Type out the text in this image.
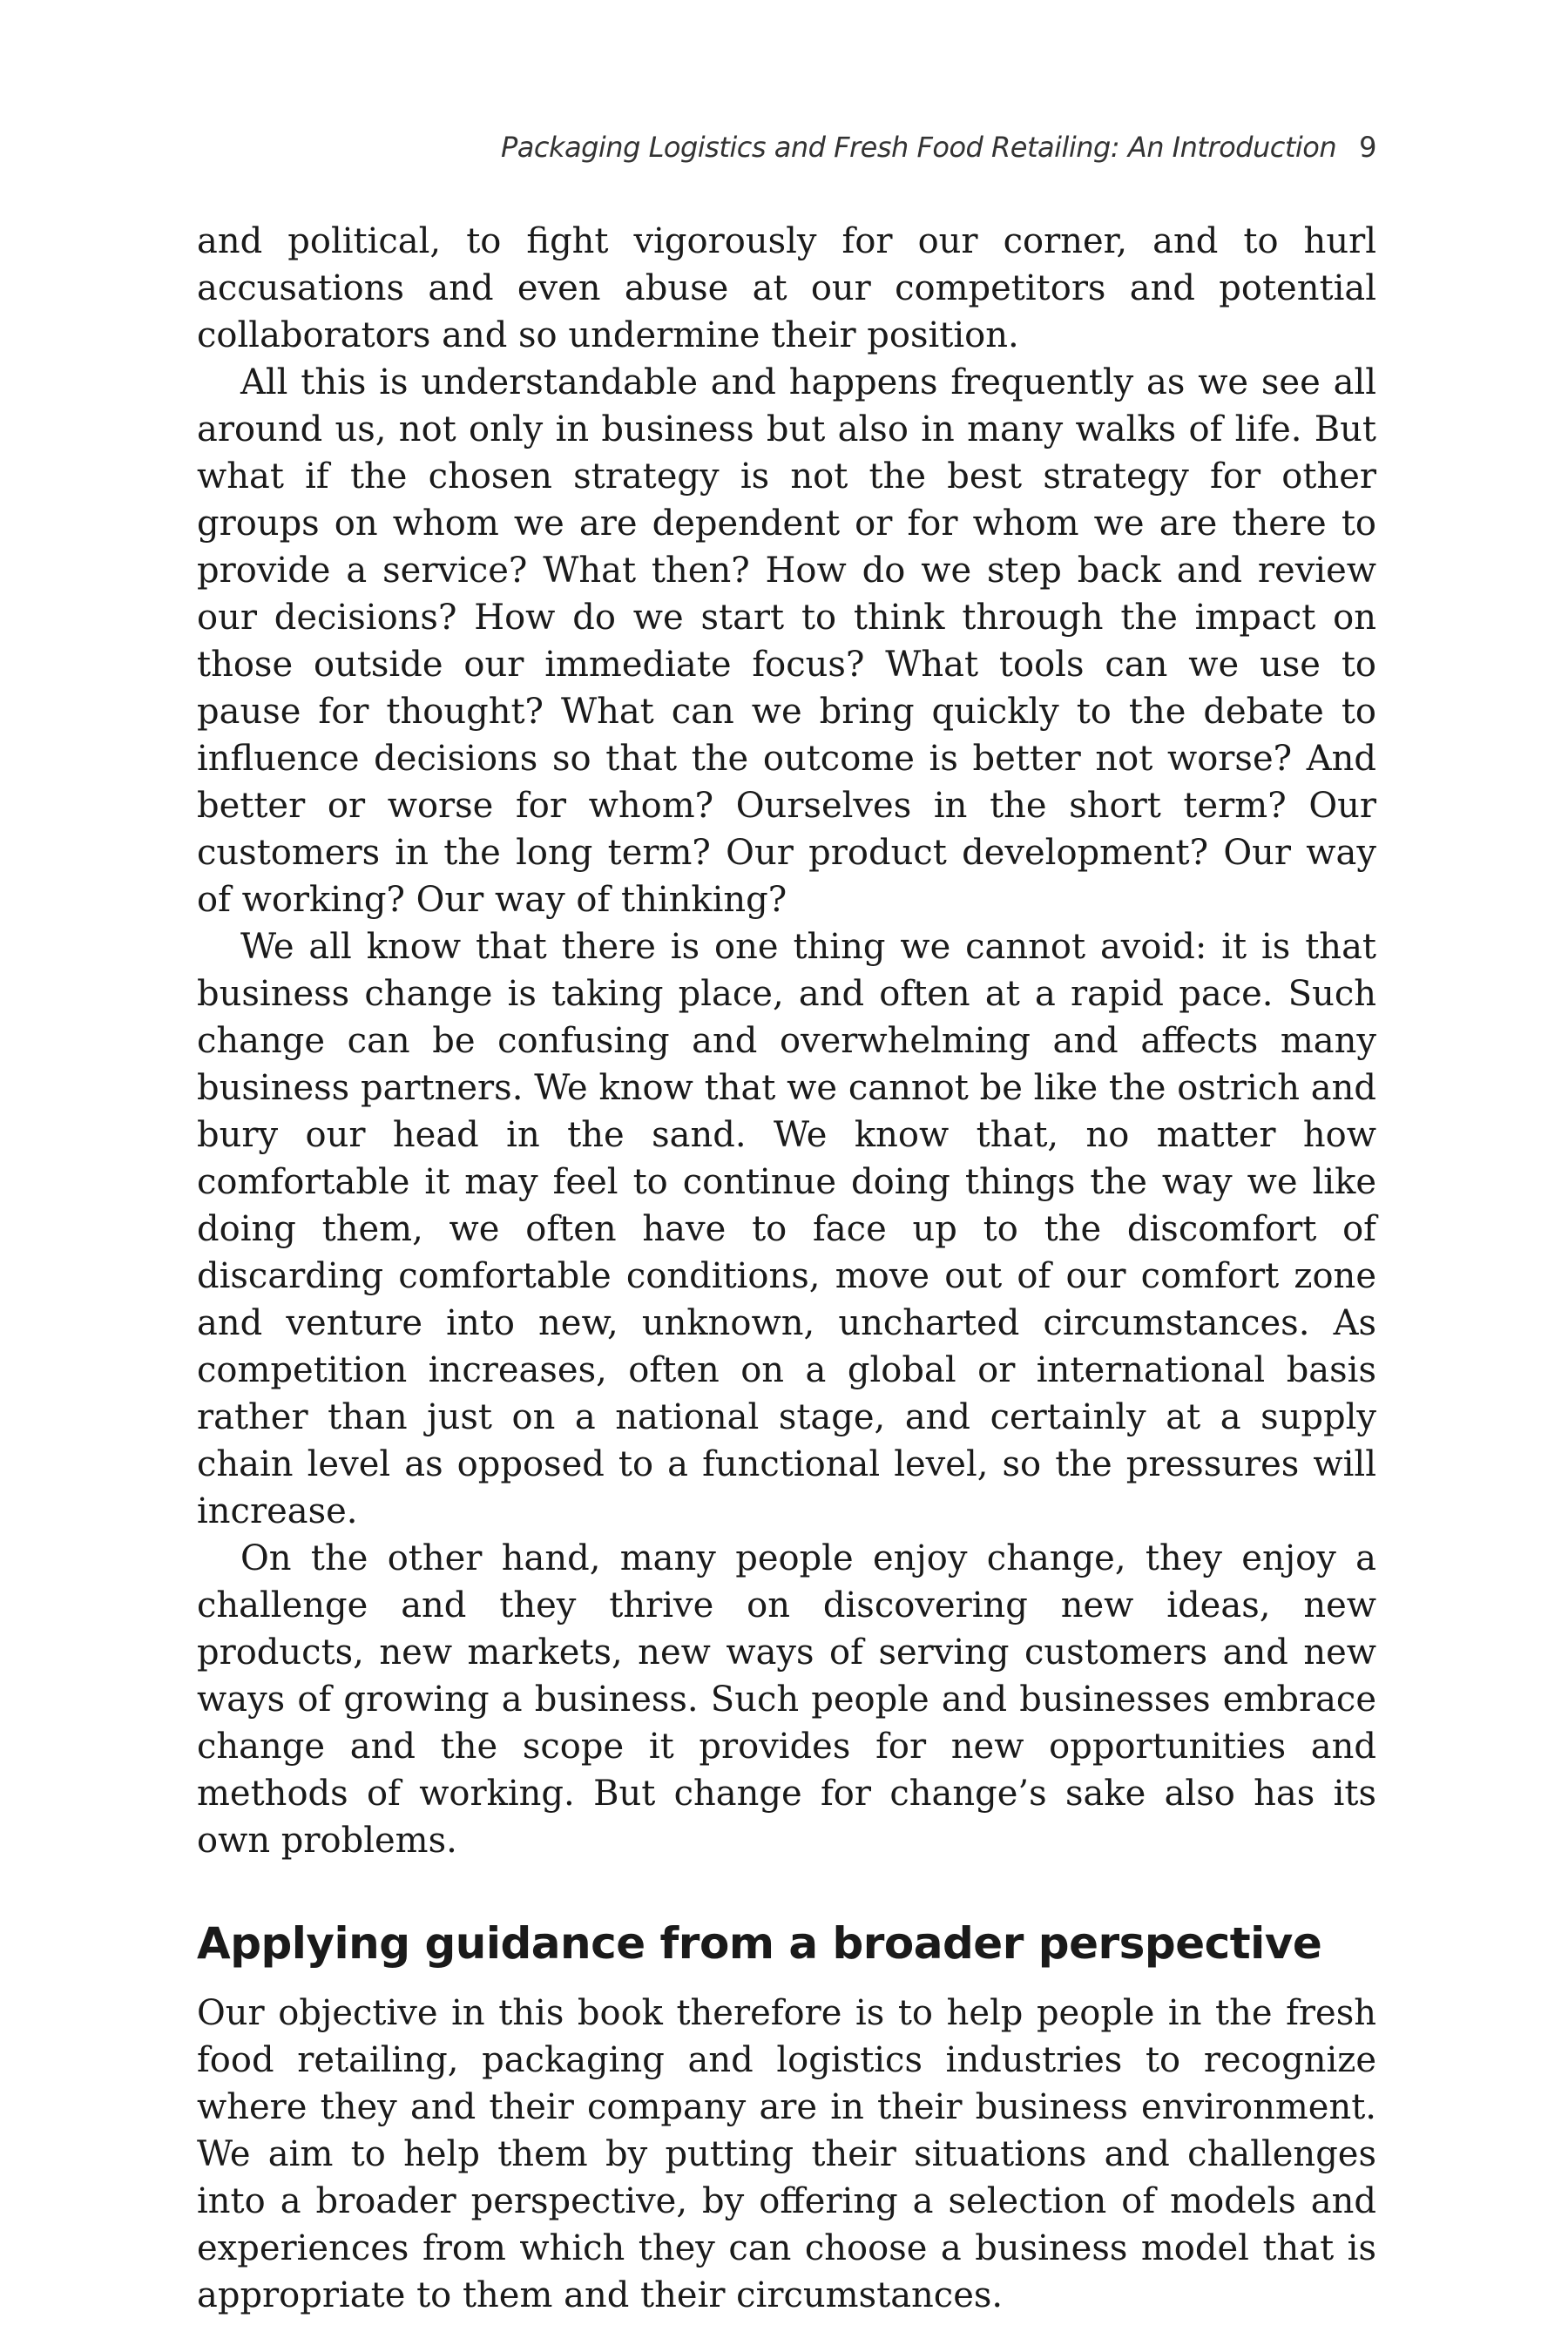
Packaging Logistics and Fresh Food Retailing: An Introduction 9

and political, to fight vigorously for our corner, and to hurl accusations and even abuse at our competitors and potential collaborators and so undermine their position.

All this is understandable and happens frequently as we see all around us, not only in business but also in many walks of life. But what if the chosen strategy is not the best strategy for other groups on whom we are dependent or for whom we are there to provide a service? What then? How do we step back and review our decisions? How do we start to think through the impact on those outside our immediate focus? What tools can we use to pause for thought? What can we bring quickly to the debate to influence decisions so that the outcome is better not worse? And better or worse for whom? Ourselves in the short term? Our customers in the long term? Our product development? Our way of working? Our way of thinking?

We all know that there is one thing we cannot avoid: it is that business change is taking place, and often at a rapid pace. Such change can be confusing and overwhelming and affects many business partners. We know that we cannot be like the ostrich and bury our head in the sand. We know that, no matter how comfortable it may feel to continue doing things the way we like doing them, we often have to face up to the discomfort of discarding comfortable conditions, move out of our comfort zone and venture into new, unknown, uncharted circumstances. As competition increases, often on a global or international basis rather than just on a national stage, and certainly at a supply chain level as opposed to a functional level, so the pressures will increase.

On the other hand, many people enjoy change, they enjoy a challenge and they thrive on discovering new ideas, new products, new markets, new ways of serving customers and new ways of growing a business. Such people and businesses embrace change and the scope it provides for new opportunities and methods of working. But change for change’s sake also has its own problems.

Applying guidance from a broader perspective

Our objective in this book therefore is to help people in the fresh food retailing, packaging and logistics industries to recognize where they and their company are in their business environment. We aim to help them by putting their situations and challenges into a broader perspective, by offering a selection of models and experiences from which they can choose a business model that is appropriate to them and their circumstances.
